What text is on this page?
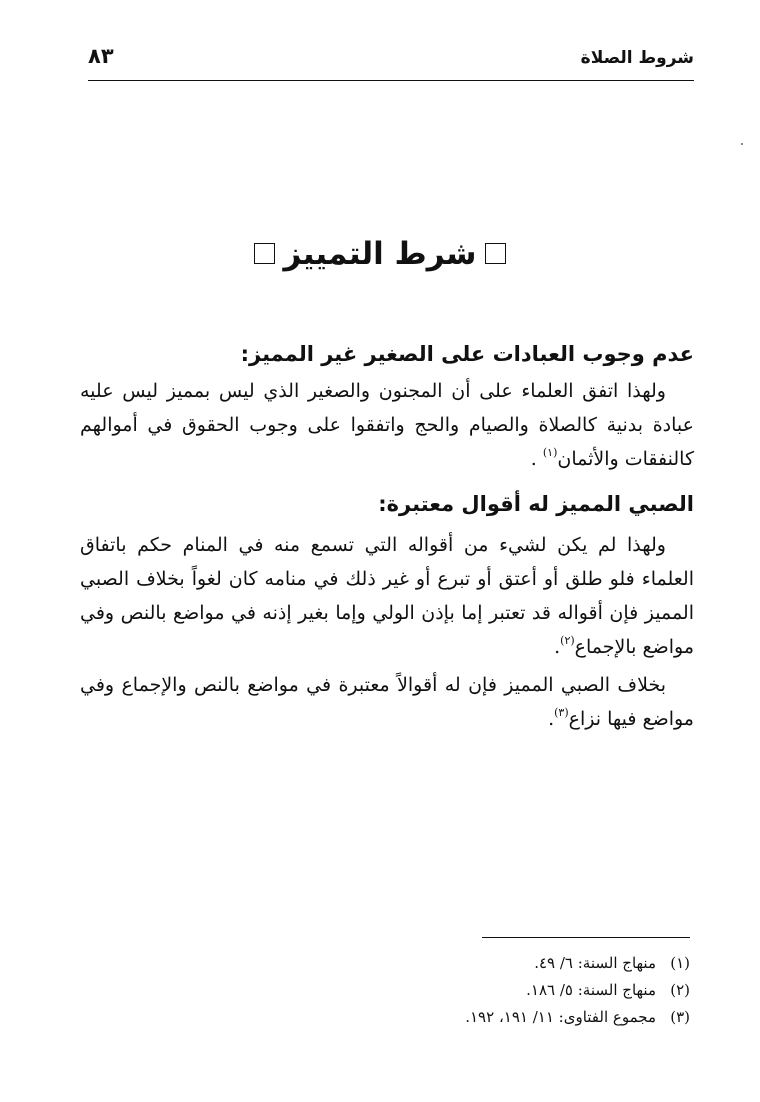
شروط الصلاة
٨٣
شرط التمييز
عدم وجوب العبادات على الصغير غير المميز:
ولهذا اتفق العلماء على أن المجنون والصغير الذي ليس بمميز ليس عليه عبادة بدنية كالصلاة والصيام والحج واتفقوا على وجوب الحقوق في أموالهم كالنفقات والأثمان$^{(١)}$ .
الصبي المميز له أقوال معتبرة:
ولهذا لم يكن لشيء من أقواله التي تسمع منه في المنام حكم باتفاق العلماء فلو طلق أو أعتق أو تبرع أو غير ذلك في منامه كان لغواً بخلاف الصبي المميز فإن أقواله قد تعتبر إما بإذن الولي وإما بغير إذنه في مواضع بالنص وفي مواضع بالإجماع$^{(٢)}$.
بخلاف الصبي المميز فإن له أقوالاً معتبرة في مواضع بالنص والإجماع وفي مواضع فيها نزاع$^{(٣)}$.
(١)منهاج السنة: ٦/ ٤٩.
(٢)منهاج السنة: ٥/ ١٨٦.
(٣)مجموع الفتاوى: ١١/ ١٩١، ١٩٢.
